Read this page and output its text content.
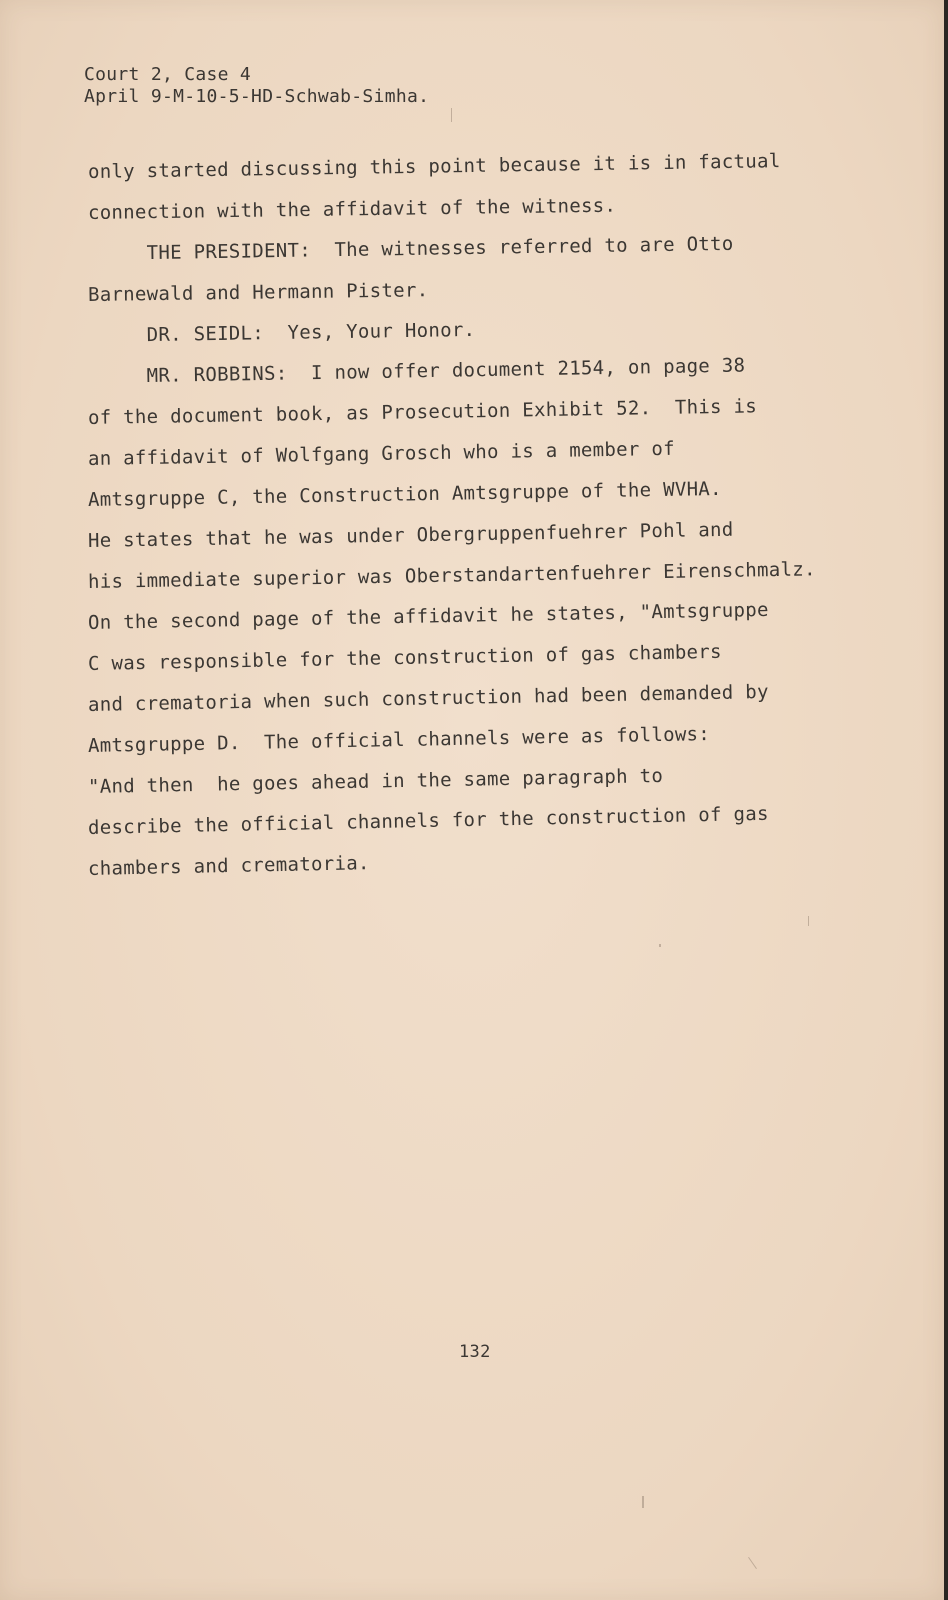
Court 2, Case 4
April 9-M-10-5-HD-Schwab-Simha.
only started discussing this point because it is in factual
connection with the affidavit of the witness.
THE PRESIDENT:  The witnesses referred to are Otto
Barnewald and Hermann Pister.
DR. SEIDL:  Yes, Your Honor.
MR. ROBBINS:  I now offer document 2154, on page 38
of the document book, as Prosecution Exhibit 52.  This is
an affidavit of Wolfgang Grosch who is a member of
Amtsgruppe C, the Construction Amtsgruppe of the WVHA.
He states that he was under Obergruppenfuehrer Pohl and
his immediate superior was Oberstandartenfuehrer Eirenschmalz.
On the second page of the affidavit he states, "Amtsgruppe
C was responsible for the construction of gas chambers
and crematoria when such construction had been demanded by
Amtsgruppe D.  The official channels were as follows:
"And then  he goes ahead in the same paragraph to
describe the official channels for the construction of gas
chambers and crematoria.
132
